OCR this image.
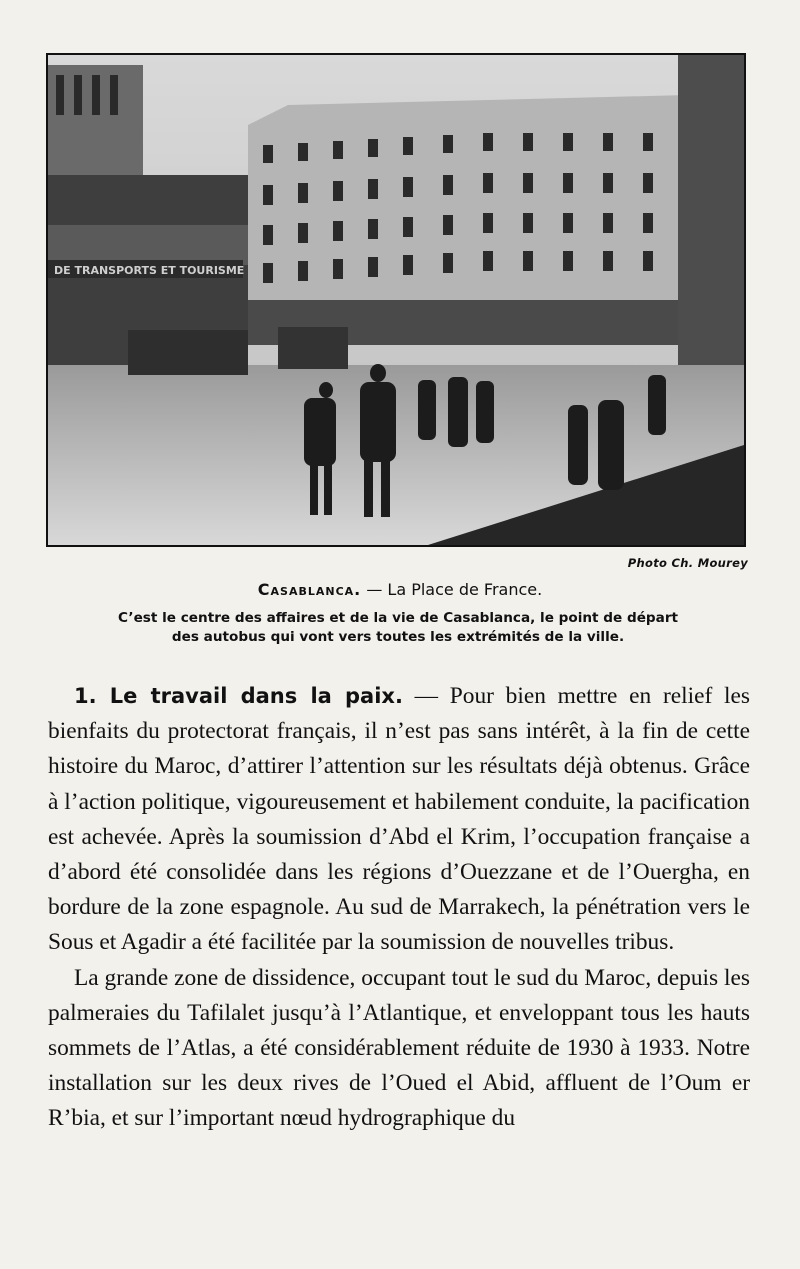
DE TRANSPORTS ET TOURISME
Photo Ch. Mourey
Casablanca. — La Place de France.
C’est le centre des affaires et de la vie de Casablanca, le point de départ
des autobus qui vont vers toutes les extrémités de la ville.

1. Le travail dans la paix. — Pour bien mettre en relief les bienfaits du protectorat français, il n’est pas sans intérêt, à la fin de cette histoire du Maroc, d’attirer l’attention sur les résultats déjà obtenus. Grâce à l’action politique, vigoureusement et habilement conduite, la pacification est achevée. Après la soumission d’Abd el Krim, l’occupation française a d’abord été consolidée dans les régions d’Ouezzane et de l’Ouergha, en bordure de la zone espagnole. Au sud de Marrakech, la pénétration vers le Sous et Agadir a été facilitée par la soumission de nouvelles tribus.

La grande zone de dissidence, occupant tout le sud du Maroc, depuis les palmeraies du Tafilalet jusqu’à l’Atlantique, et enveloppant tous les hauts sommets de l’Atlas, a été considérablement réduite de 1930 à 1933. Notre installation sur les deux rives de l’Oued el Abid, affluent de l’Oum er R’bia, et sur l’important nœud hydrographique du
